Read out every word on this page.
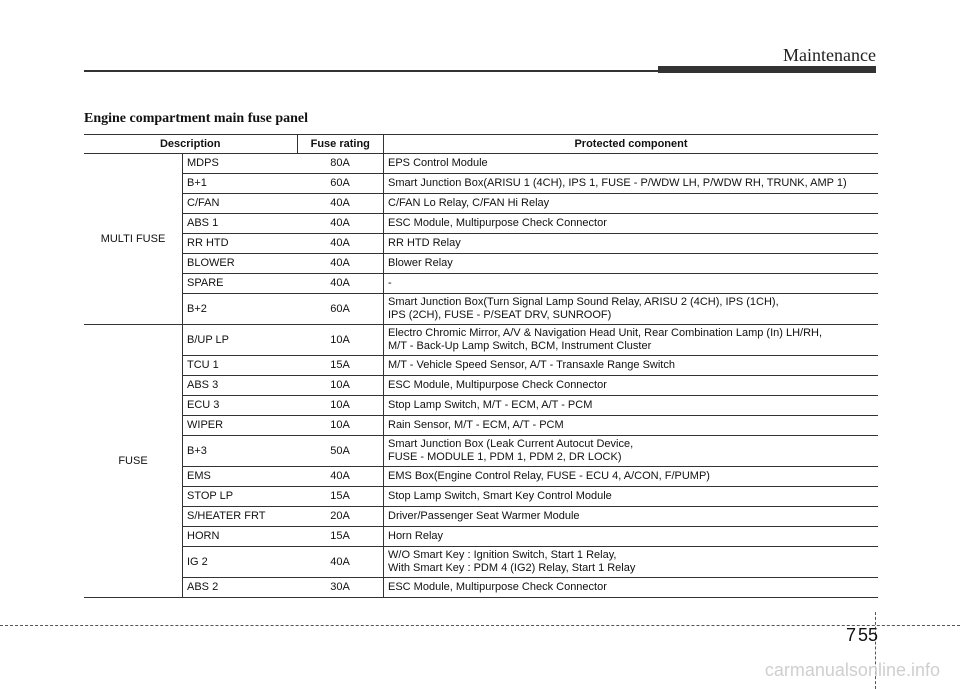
Maintenance
Engine compartment main fuse panel
Description		Fuse rating	Protected component
MULTI FUSE	MDPS	80A	EPS Control Module

	B+1	60A	Smart Junction Box(ARISU 1 (4CH), IPS 1, FUSE - P/WDW LH, P/WDW RH, TRUNK, AMP 1)

	C/FAN	40A	C/FAN Lo Relay, C/FAN Hi Relay

	ABS 1	40A	ESC Module, Multipurpose Check Connector

	RR HTD	40A	RR HTD Relay

	BLOWER	40A	Blower Relay

	SPARE	40A	-

	B+2	60A	Smart Junction Box(Turn Signal Lamp Sound Relay, ARISU 2 (4CH), IPS (1CH),
IPS (2CH), FUSE - P/SEAT DRV, SUNROOF)

FUSE	B/UP LP	10A	Electro Chromic Mirror, A/V & Navigation Head Unit, Rear Combination Lamp (In) LH/RH,
M/T - Back-Up Lamp Switch, BCM, Instrument Cluster

	TCU 1	15A	M/T - Vehicle Speed Sensor, A/T - Transaxle Range Switch

	ABS 3	10A	ESC Module, Multipurpose Check Connector

	ECU 3	10A	Stop Lamp Switch, M/T - ECM, A/T - PCM

	WIPER	10A	Rain Sensor, M/T - ECM, A/T - PCM

	B+3	50A	Smart Junction Box (Leak Current Autocut Device,
FUSE - MODULE 1, PDM 1, PDM 2, DR LOCK)

	EMS	40A	EMS Box(Engine Control Relay, FUSE - ECU 4, A/CON, F/PUMP)

	STOP LP	15A	Stop Lamp Switch, Smart Key Control Module

	S/HEATER FRT	20A	Driver/Passenger Seat Warmer Module

	HORN	15A	Horn Relay

	IG 2	40A	W/O Smart Key : Ignition Switch, Start 1 Relay,
With Smart Key : PDM 4 (IG2) Relay, Start 1 Relay

	ABS 2	30A	ESC Module, Multipurpose Check Connector
7 55
carmanualsonline.info
